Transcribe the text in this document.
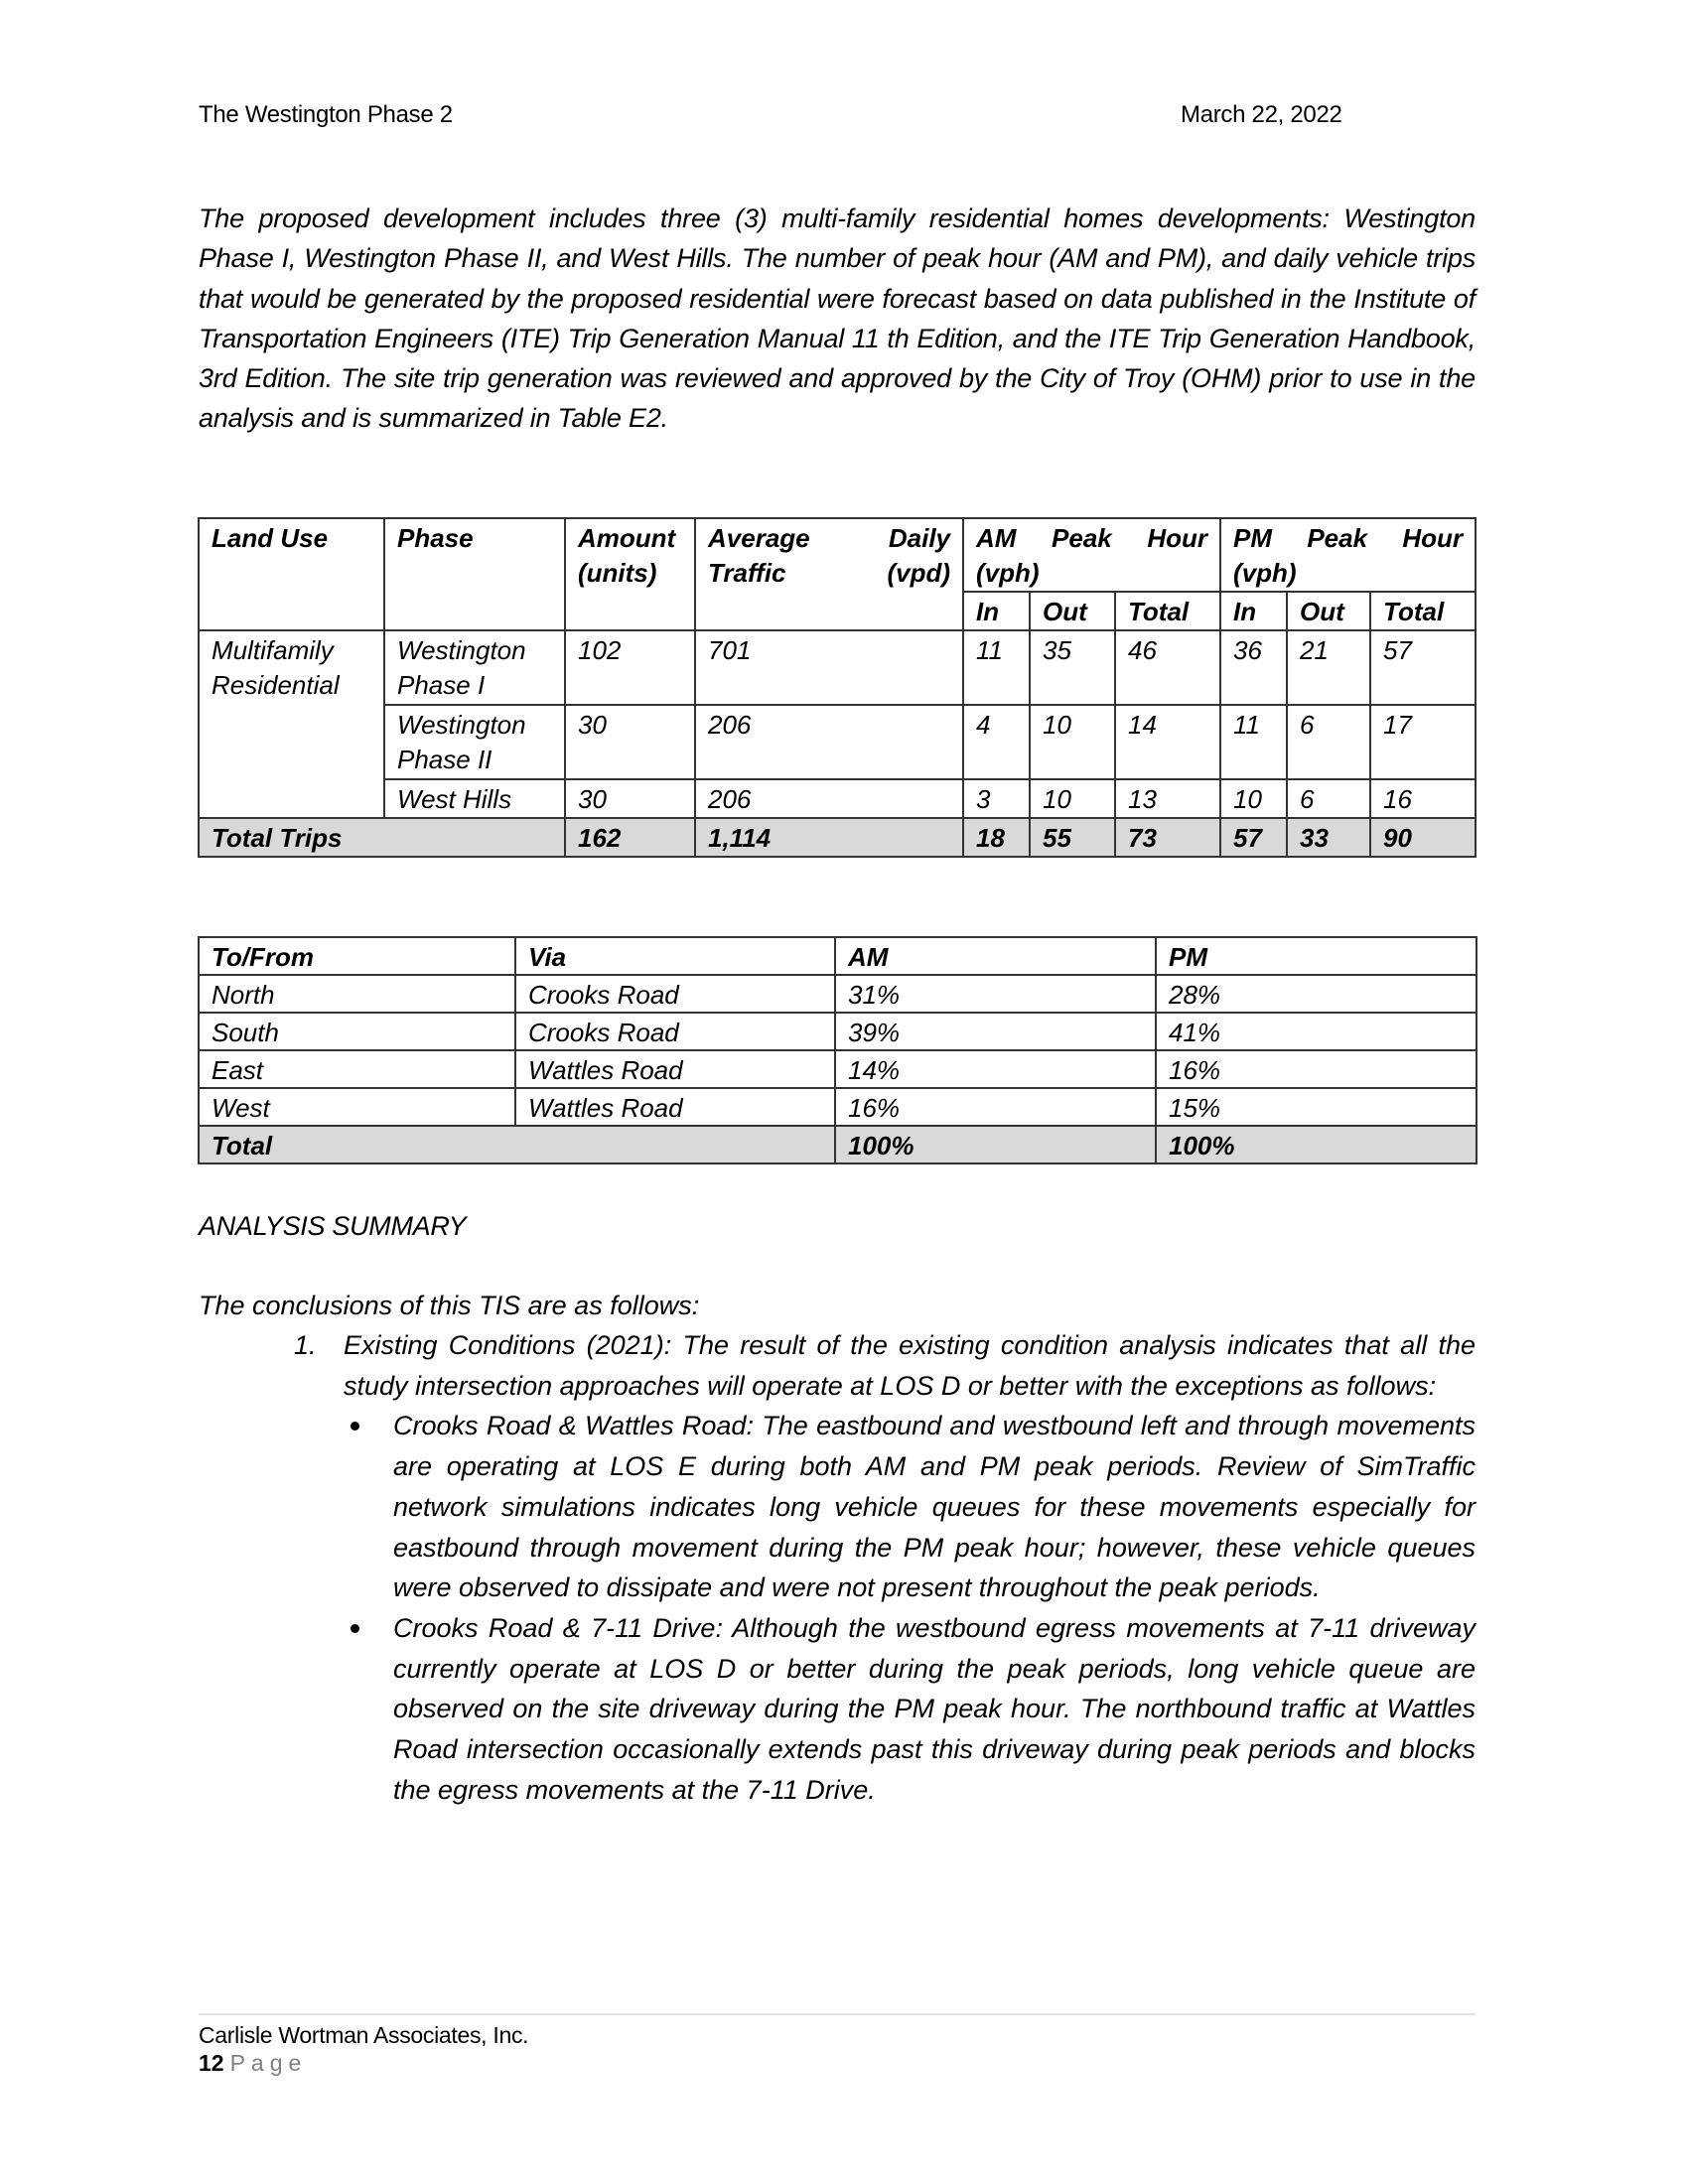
The Westington Phase 2	March 22, 2022
The proposed development includes three (3) multi-family residential homes developments: Westington Phase I, Westington Phase II, and West Hills. The number of peak hour (AM and PM), and daily vehicle trips that would be generated by the proposed residential were forecast based on data published in the Institute of Transportation Engineers (ITE) Trip Generation Manual 11 th Edition, and the ITE Trip Generation Handbook, 3rd Edition. The site trip generation was reviewed and approved by the City of Troy (OHM) prior to use in the analysis and is summarized in Table E2.
Land Use	Phase	Amount (units)	Average Daily Traffic (vpd)	AM Peak Hour (vph)			PM Peak Hour (vph)		
				In	Out	Total	In	Out	Total
Multifamily Residential	Westington Phase I	102	701	11	35	46	36	21	57
	Westington Phase II	30	206	4	10	14	11	6	17
	West Hills	30	206	3	10	13	10	6	16
Total Trips		162	1,114	18	55	73	57	33	90
To/From	Via	AM	PM
North	Crooks Road	31%	28%
South	Crooks Road	39%	41%
East	Wattles Road	14%	16%
West	Wattles Road	16%	15%
Total		100%	100%
ANALYSIS SUMMARY
The conclusions of this TIS are as follows:
1. Existing Conditions (2021): The result of the existing condition analysis indicates that all the study intersection approaches will operate at LOS D or better with the exceptions as follows:
Crooks Road & Wattles Road: The eastbound and westbound left and through movements are operating at LOS E during both AM and PM peak periods. Review of SimTraffic network simulations indicates long vehicle queues for these movements especially for eastbound through movement during the PM peak hour; however, these vehicle queues were observed to dissipate and were not present throughout the peak periods.
Crooks Road & 7-11 Drive: Although the westbound egress movements at 7-11 driveway currently operate at LOS D or better during the peak periods, long vehicle queue are observed on the site driveway during the PM peak hour. The northbound traffic at Wattles Road intersection occasionally extends past this driveway during peak periods and blocks the egress movements at the 7-11 Drive.
Carlisle Wortman Associates, Inc.
12 Page
